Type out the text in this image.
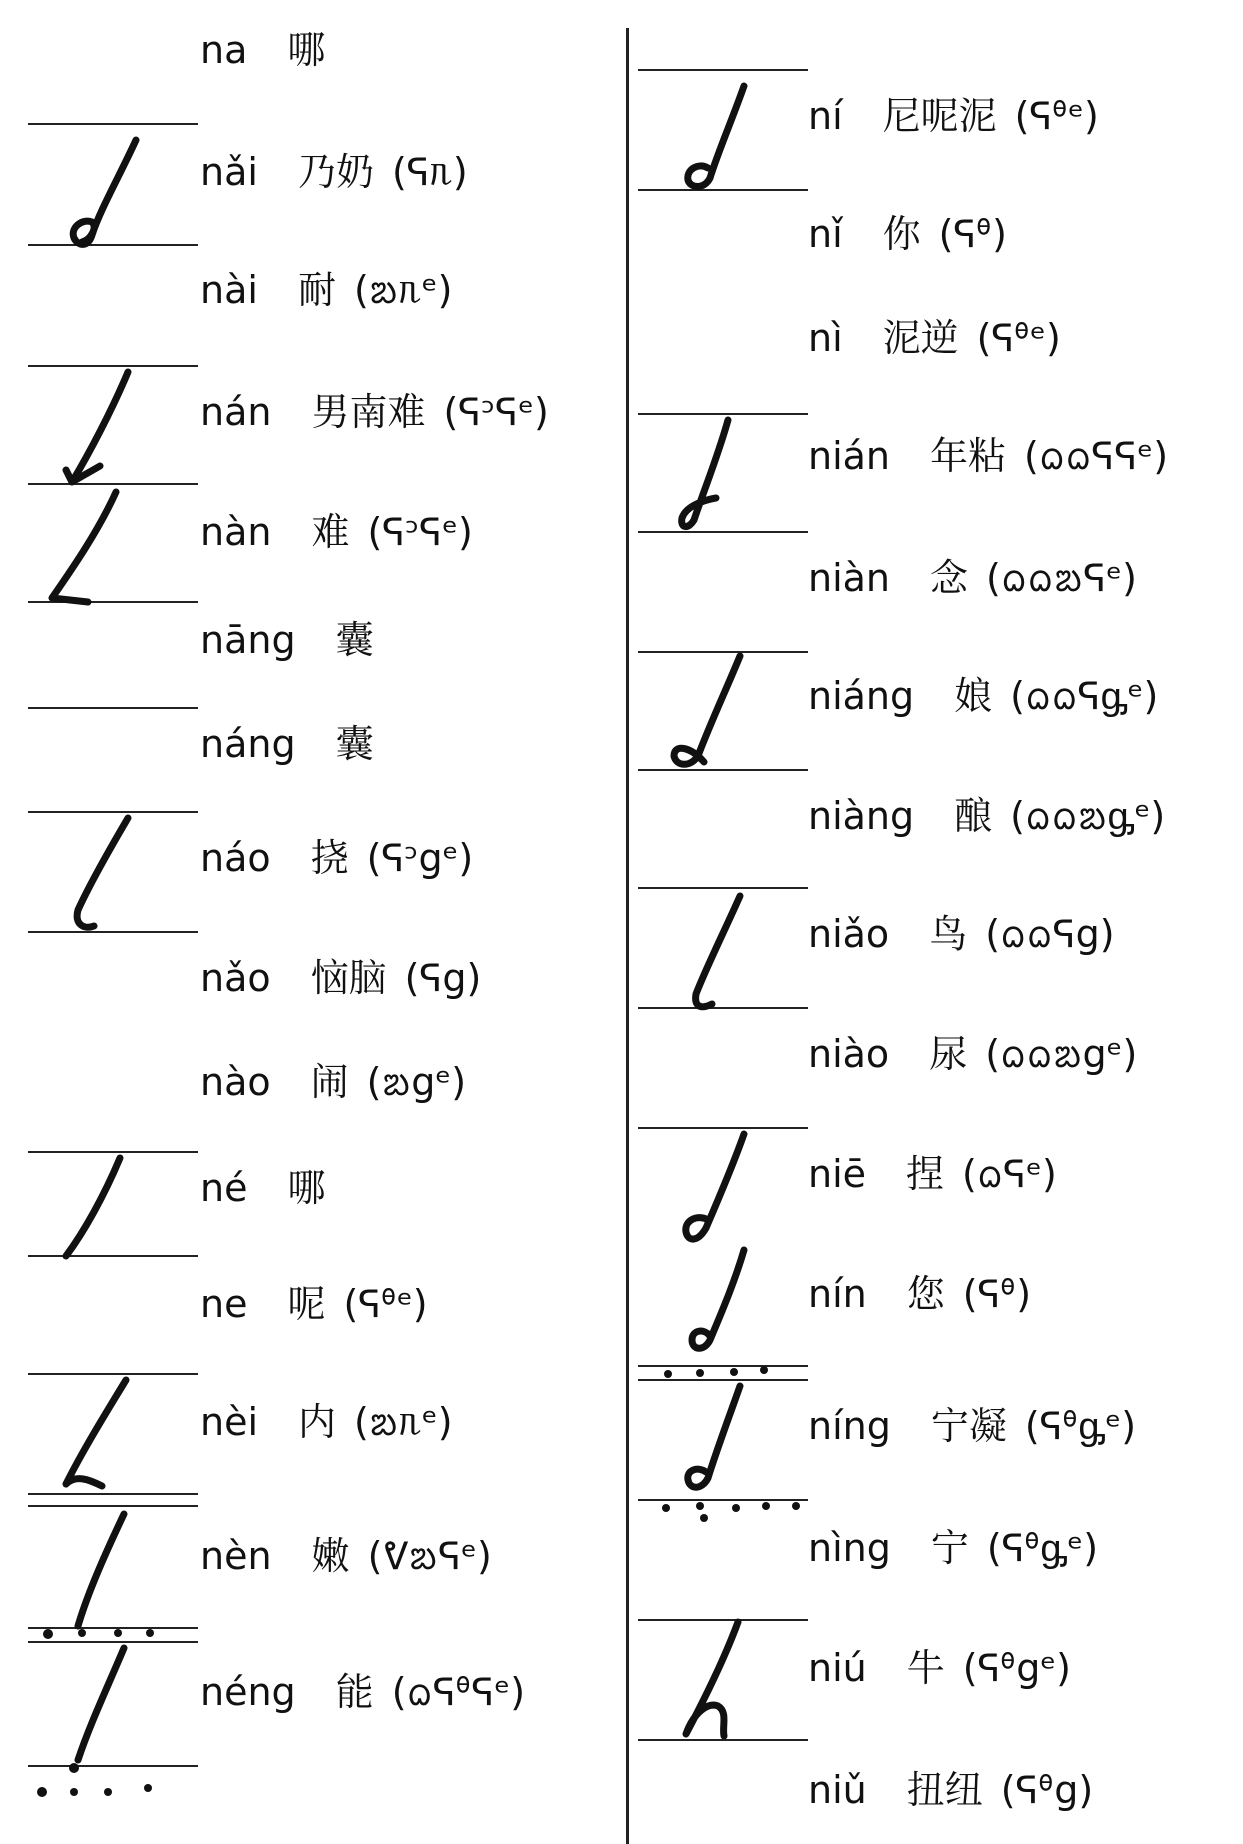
na 哪
nǎi 乃奶 (ᕋᥰ)
nài 耐 (ᨰᥰᵉ)
nán 男南难 (ᕋᵓᕋᵉ)
nàn 难 (ᕋᵓᕋᵉ)
nāng 囊
náng 囊
náo 挠 (ᕋᵓgᵉ)
nǎo 恼脑 (ᕋg)
nào 闹 (ᨰgᵉ)
né 哪
ne 呢 (ᕋᶿᵉ)
nèi 内 (ᨰᥰᵉ)
nèn 嫩 (ᕓᨰᕋᵉ)
néng 能 (ᨵᕋᶿᕋᵉ)
ní 尼呢泥 (ᕋᶿᵉ)
nǐ 你 (ᕋᶿ)
nì 泥逆 (ᕋᶿᵉ)
nián 年粘 (ᨵᨵᕋᕋᵉ)
niàn 念 (ᨵᨵᨰᕋᵉ)
niáng 娘 (ᨵᨵᕋᶃᵉ)
niàng 酿 (ᨵᨵᨰᶃᵉ)
niǎo 鸟 (ᨵᨵᕋg)
niào 尿 (ᨵᨵᨰgᵉ)
niē 捏 (ᨵᕋᵉ)
nín 您 (ᕋᶿ)
níng 宁凝 (ᕋᶿᶃᵉ)
nìng 宁 (ᕋᶿᶃᵉ)
niú 牛 (ᕋᶿgᵉ)
niǔ 扭纽 (ᕋᶿg)
